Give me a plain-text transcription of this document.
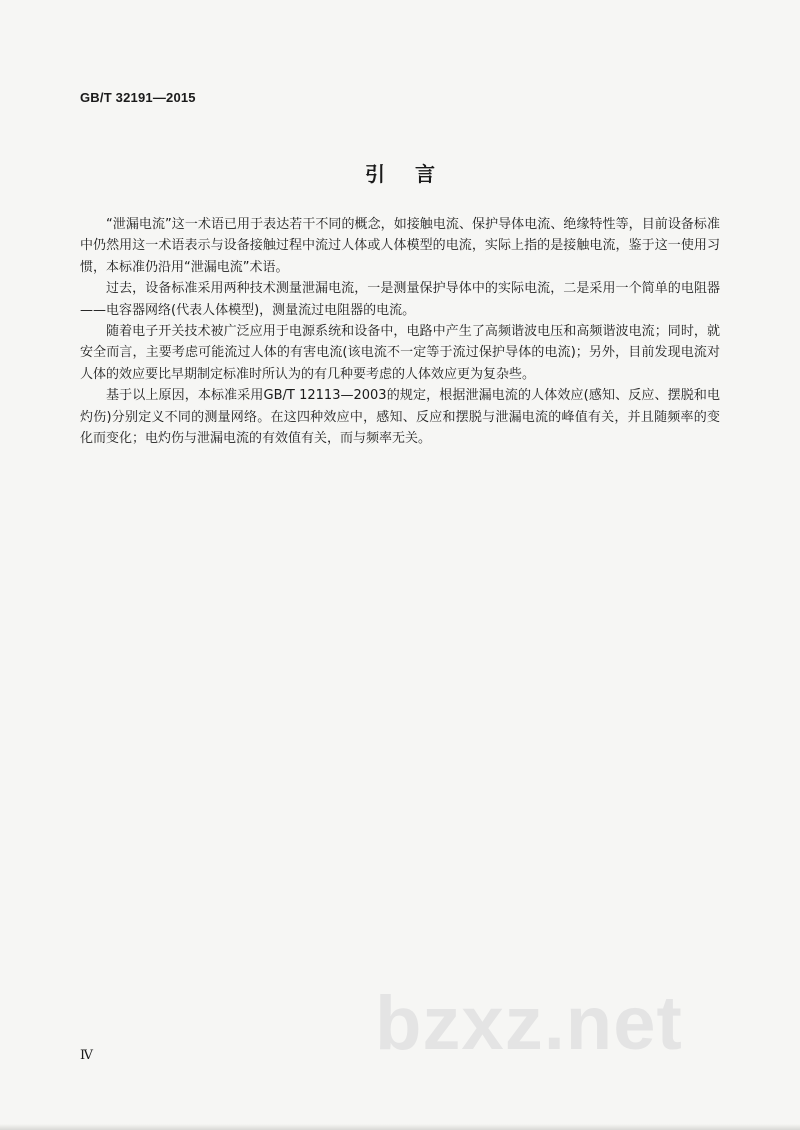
GB/T 32191—2015
引言

“泄漏电流”这一术语已用于表达若干不同的概念，如接触电流、保护导体电流、绝缘特性等，目前设备标准中仍然用这一术语表示与设备接触过程中流过人体或人体模型的电流，实际上指的是接触电流，鉴于这一使用习惯，本标准仍沿用“泄漏电流”术语。

过去，设备标准采用两种技术测量泄漏电流，一是测量保护导体中的实际电流，二是采用一个简单的电阻器——电容器网络(代表人体模型)，测量流过电阻器的电流。

随着电子开关技术被广泛应用于电源系统和设备中，电路中产生了高频谐波电压和高频谐波电流；同时，就安全而言，主要考虑可能流过人体的有害电流(该电流不一定等于流过保护导体的电流)；另外，目前发现电流对人体的效应要比早期制定标准时所认为的有几种要考虑的人体效应更为复杂些。

基于以上原因，本标准采用GB/T 12113—2003的规定，根据泄漏电流的人体效应(感知、反应、摆脱和电灼伤)分别定义不同的测量网络。在这四种效应中，感知、反应和摆脱与泄漏电流的峰值有关，并且随频率的变化而变化；电灼伤与泄漏电流的有效值有关，而与频率无关。

bzxz.net
Ⅳ
